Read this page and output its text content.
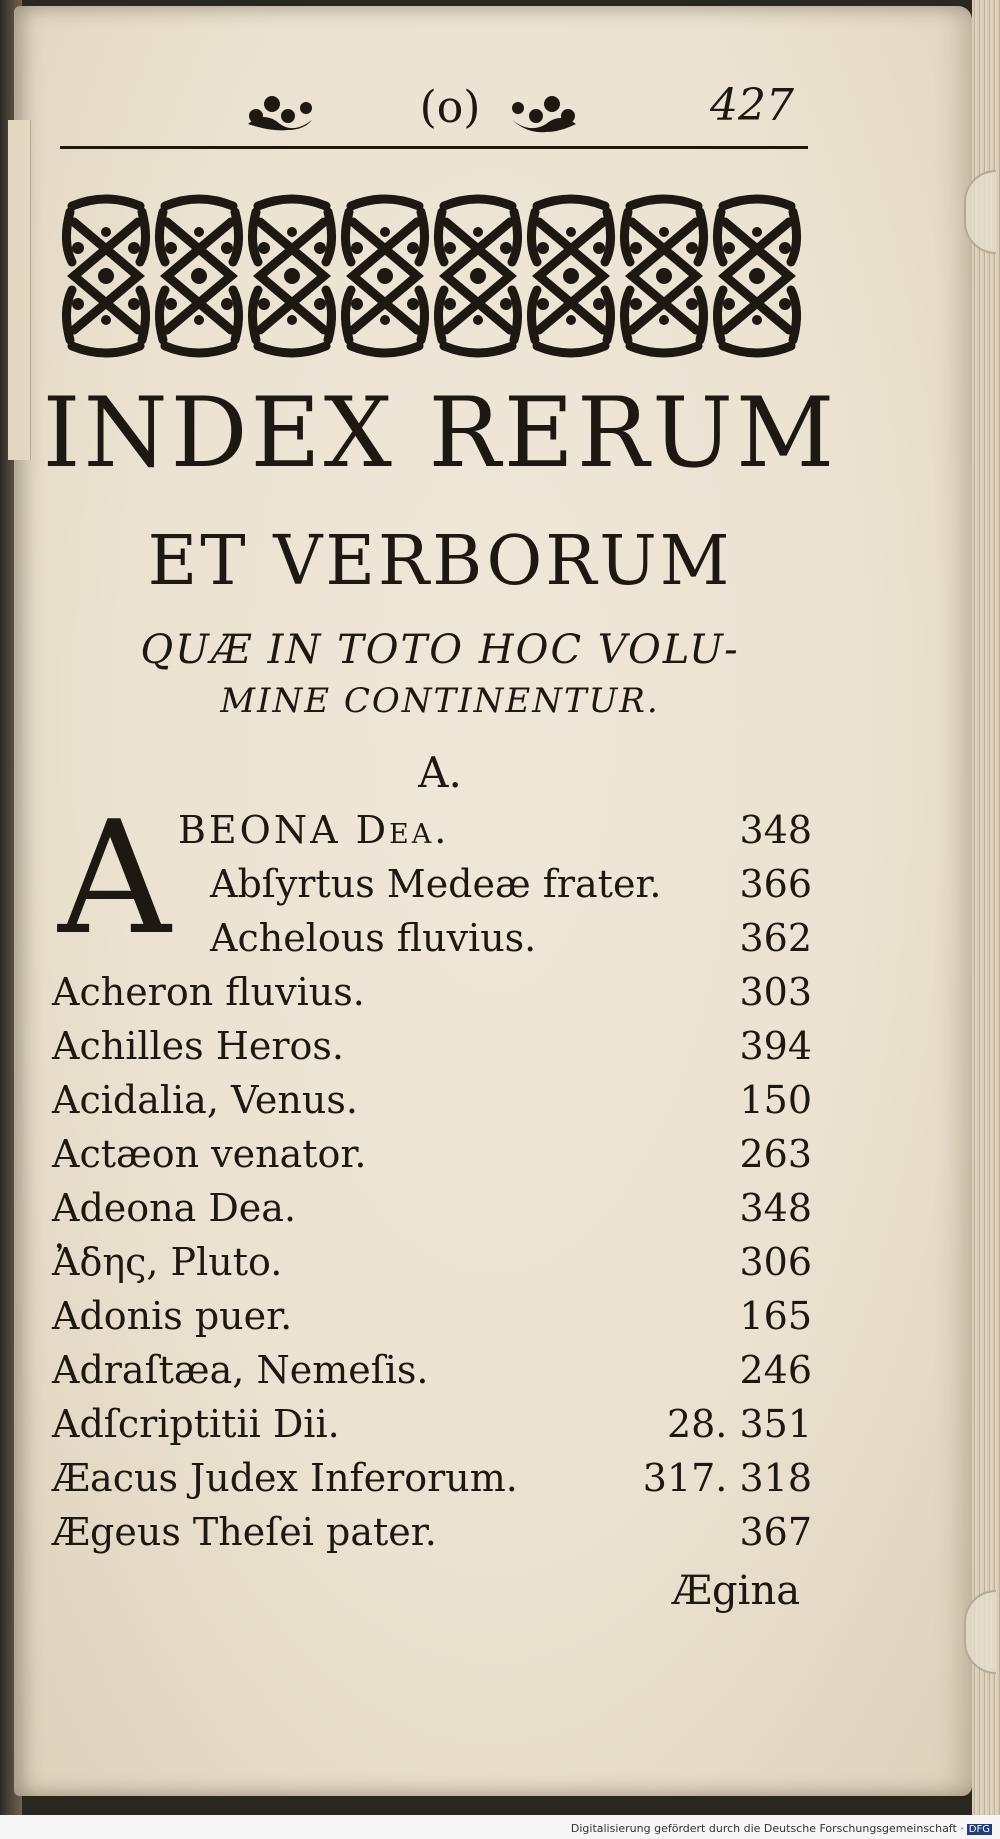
(o)	427
INDEX RERUM
ET VERBORUM
QUÆ IN TOTO HOC VOLU-
MINE CONTINENTUR.
A.
A BEONA Dea.	348
Abſyrtus Medeæ frater. 366
Achelous fluvius.	362
Acheron fluvius.	303
Achilles Heros.	394
Acidalia, Venus.	150
Actæon venator.	263
Adeona Dea.	348
Ἀδης, Pluto.	306
Adonis puer.	165
Adraſtæa, Nemeſis.	246
Adſcriptitii Dii.	28. 351
Æacus Judex Inferorum.	317. 318
Ægeus Theſei pater.	367
Ægina
Digitalisierung gefördert durch die Deutsche Forschungsgemeinschaft · DFG
